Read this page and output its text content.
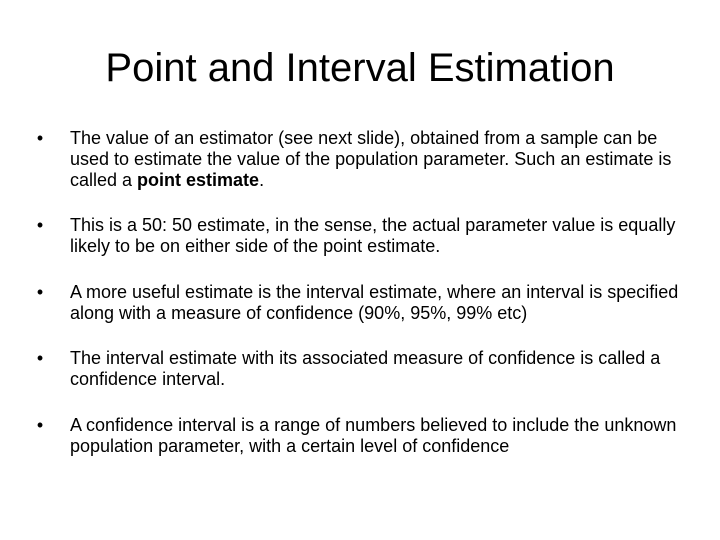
Point and Interval Estimation
• The value of an estimator (see next slide), obtained from a sample can be used to estimate the value of the population parameter. Such an estimate is called a point estimate.
• This is a 50: 50 estimate, in the sense, the actual parameter value is equally likely to be on either side of the point estimate.
• A more useful estimate is the interval estimate, where an interval is specified along with a measure of confidence (90%, 95%, 99% etc)
• The interval estimate with its associated measure of confidence is called a confidence interval.
• A confidence interval is a range of numbers believed to include the unknown population parameter, with a certain level of confidence
